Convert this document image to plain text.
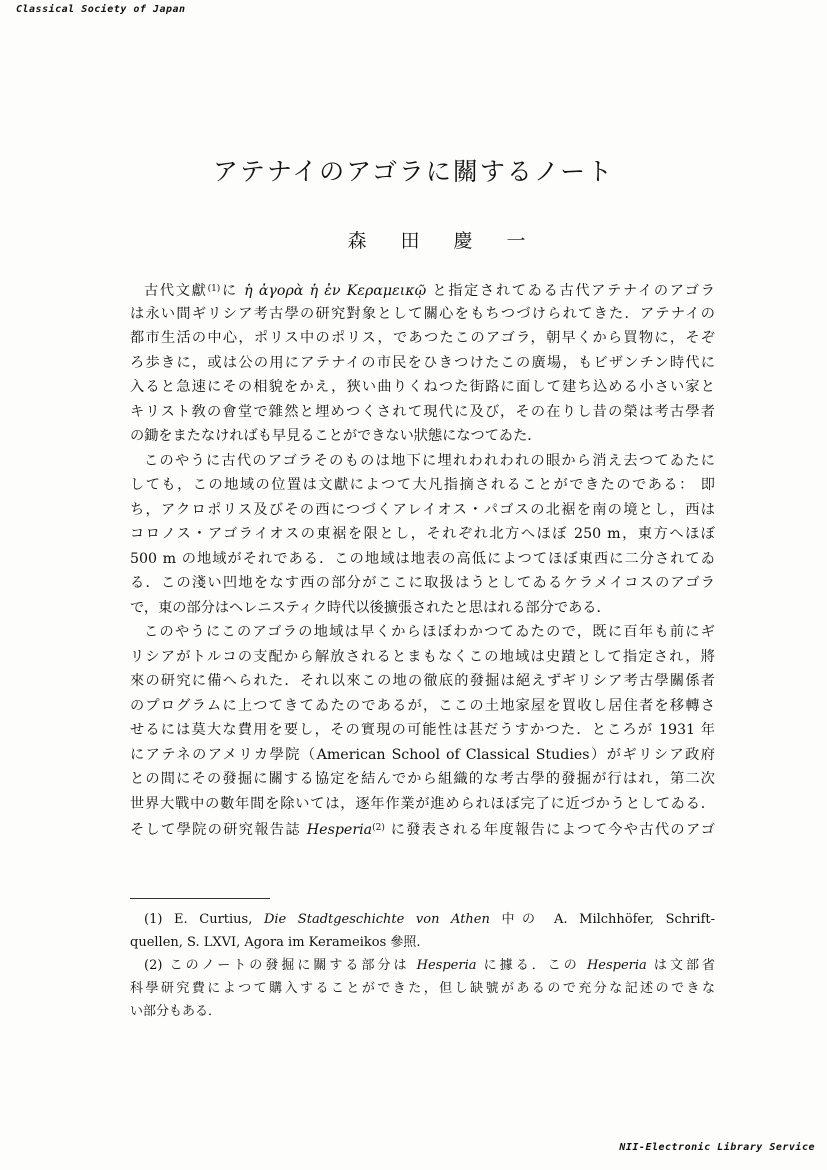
Classical Society of Japan
アテナイのアゴラに關するノート
森 田 慶 一
古代文獻$^{(1)}$に ἡ ἀγορὰ ἡ ἐν Κεραμεικῷ と指定されてゐる古代アテナイのアゴラ
は永い間ギリシア考古學の研究對象として關心をもちつづけられてきた．アテナイの
都市生活の中心，ポリス中のポリス，であつたこのアゴラ，朝早くから買物に，そぞ
ろ歩きに，或は公の用にアテナイの市民をひきつけたこの廣場，もビザンチン時代に
入ると急速にその相貌をかえ，狹い曲りくねつた街路に面して建ち込める小さい家と
キリスト敎の會堂で雜然と埋めつくされて現代に及び，その在りし昔の榮は考古學者
の鋤をまたなければも早見ることができない狀態になつてゐた．
このやうに古代のアゴラそのものは地下に埋れわれわれの眼から消え去つてゐたに
しても，この地域の位置は文獻によつて大凡指摘されることができたのである： 即
ち，アクロポリス及びその西につづくアレイオス・パゴスの北裾を南の境とし，西は
コロノス・アゴライオスの東裾を限とし，それぞれ北方へほぼ 250 m，東方へほぼ
500 m の地域がそれである．この地域は地表の高低によつてほぼ東西に二分されてゐ
る．この淺い凹地をなす西の部分がここに取扱はうとしてゐるケラメイコスのアゴラ
で，東の部分はヘレニスティク時代以後擴張されたと思はれる部分である．
このやうにこのアゴラの地域は早くからほぼわかつてゐたので，既に百年も前にギ
リシアがトルコの支配から解放されるとまもなくこの地域は史蹟として指定され，將
來の研究に備へられた．それ以來この地の徹底的發掘は絕えずギリシア考古學關係者
のプログラムに上つてきてゐたのであるが，ここの土地家屋を買收し居住者を移轉さ
せるには莫大な費用を要し，その實現の可能性は甚だうすかつた．ところが 1931 年
にアテネのアメリカ學院（American School of Classical Studies）がギリシア政府
との間にその發掘に關する協定を結んでから組織的な考古學的發掘が行はれ，第二次
世界大戰中の數年間を除いては，逐年作業が進められほぼ完了に近づかうとしてゐる．
そして學院の研究報告誌 Hesperia$^{(2)}$ に發表される年度報告によつて今や古代のアゴ
(1) E. Curtius, Die Stadtgeschichte von Athen 中の A. Milchhöfer, Schrift-
quellen, S. LXVI, Agora im Kerameikos 參照.
(2) このノートの發掘に關する部分は Hesperia に據る．この Hesperia は文部省
科學研究費によつて購入することができた，但し缺號があるので充分な記述のできな
い部分もある．
NII-Electronic Library Service
